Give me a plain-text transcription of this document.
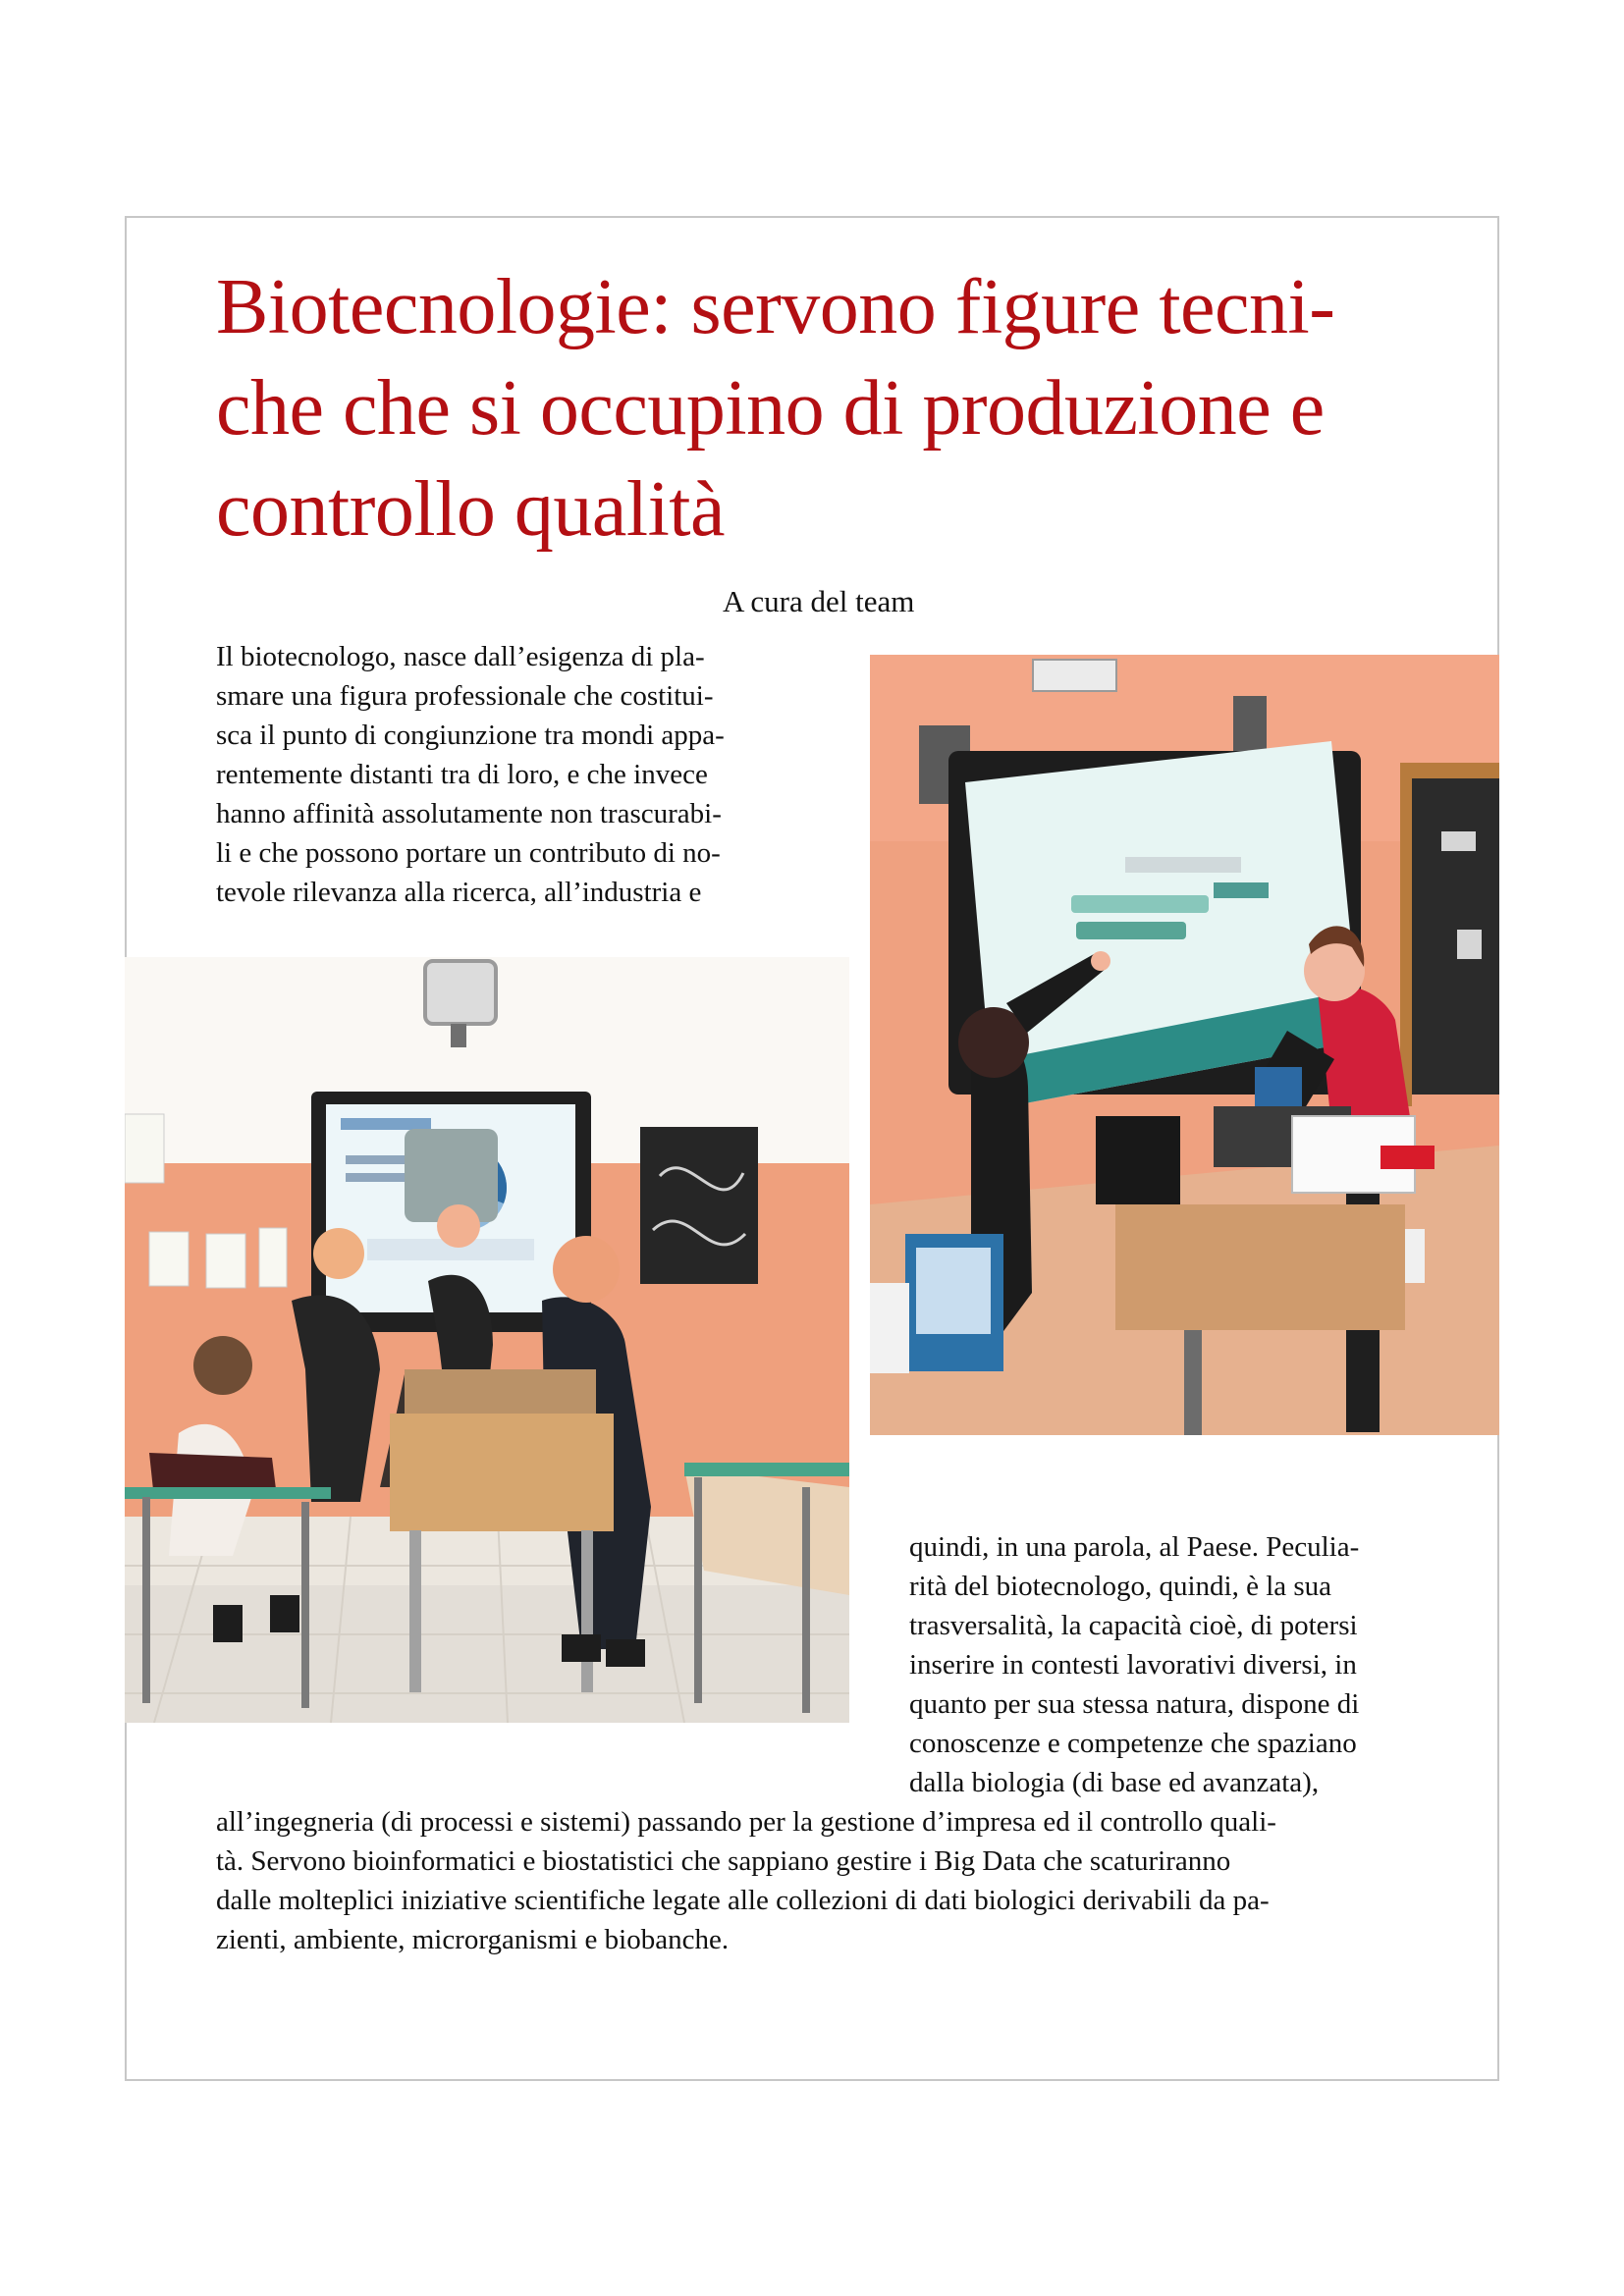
Biotecnologie: servono figure tecni-
che che si occupino di produzione e
controllo qualità
A cura del team
Il biotecnologo, nasce dall’esigenza di pla-
smare una figura professionale che costitui-
sca il punto di congiunzione tra mondi appa-
rentemente distanti tra di loro, e che invece
hanno affinità assolutamente non trascurabi-
li e che possono portare un contributo di no-
tevole rilevanza alla ricerca, all’industria e
quindi, in una parola, al Paese. Peculia-
rità del biotecnologo, quindi, è la sua
trasversalità, la capacità cioè, di potersi
inserire in contesti lavorativi diversi, in
quanto per sua stessa natura, dispone di
conoscenze e competenze che spaziano
dalla biologia (di base ed avanzata),
all’ingegneria (di processi e sistemi) passando per la gestione d’impresa ed il controllo quali-
tà. Servono bioinformatici e biostatistici che sappiano gestire i Big Data che scaturiranno
dalle molteplici iniziative scientifiche legate alle collezioni di dati biologici derivabili da pa-
zienti, ambiente, microrganismi e biobanche.
